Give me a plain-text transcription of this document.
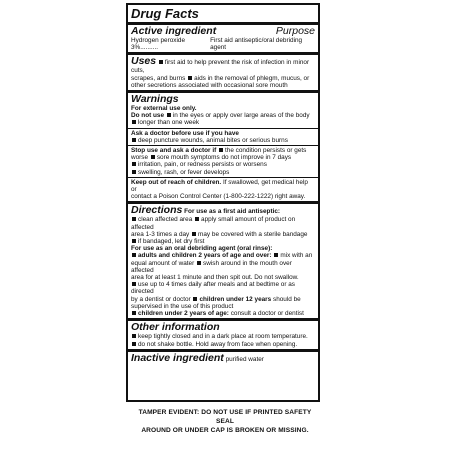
Drug Facts
Active ingredient	Purpose
Hydrogen peroxide 3%..........
First aid antiseptic/oral debriding agent

Uses first aid to help prevent the risk of infection in minor cuts,

scrapes, and burns aids in the removal of phlegm, mucus, or

other secretions associated with occasional sore mouth

Warnings

For external use only.

Do not use in the eyes or apply over large areas of the body

longer than one week

Ask a doctor before use if you have

deep puncture wounds, animal bites or serious burns

Stop use and ask a doctor if the condition persists or gets

worse sore mouth symptoms do not improve in 7 days

irritation, pain, or redness persists or worsens

swelling, rash, or fever develops

Keep out of reach of children. If swallowed, get medical help or

contact a Poison Control Center (1-800-222-1222) right away.

Directions For use as a first aid antiseptic:

clean affected area apply small amount of product on affected

area 1-3 times a day may be covered with a sterile bandage

if bandaged, let dry first

For use as an oral debriding agent (oral rinse):

adults and children 2 years of age and over: mix with an

equal amount of water swish around in the mouth over affected

area for at least 1 minute and then spit out. Do not swallow.

use up to 4 times daily after meals and at bedtime or as directed

by a dentist or doctor children under 12 years should be

supervised in the use of this product

children under 2 years of age: consult a doctor or dentist

Other information

keep tightly closed and in a dark place at room temperature.

do not shake bottle. Hold away from face when opening.

Inactive ingredient purified water

TAMPER EVIDENT: DO NOT USE IF PRINTED SAFETY SEAL
AROUND OR UNDER CAP IS BROKEN OR MISSING.
